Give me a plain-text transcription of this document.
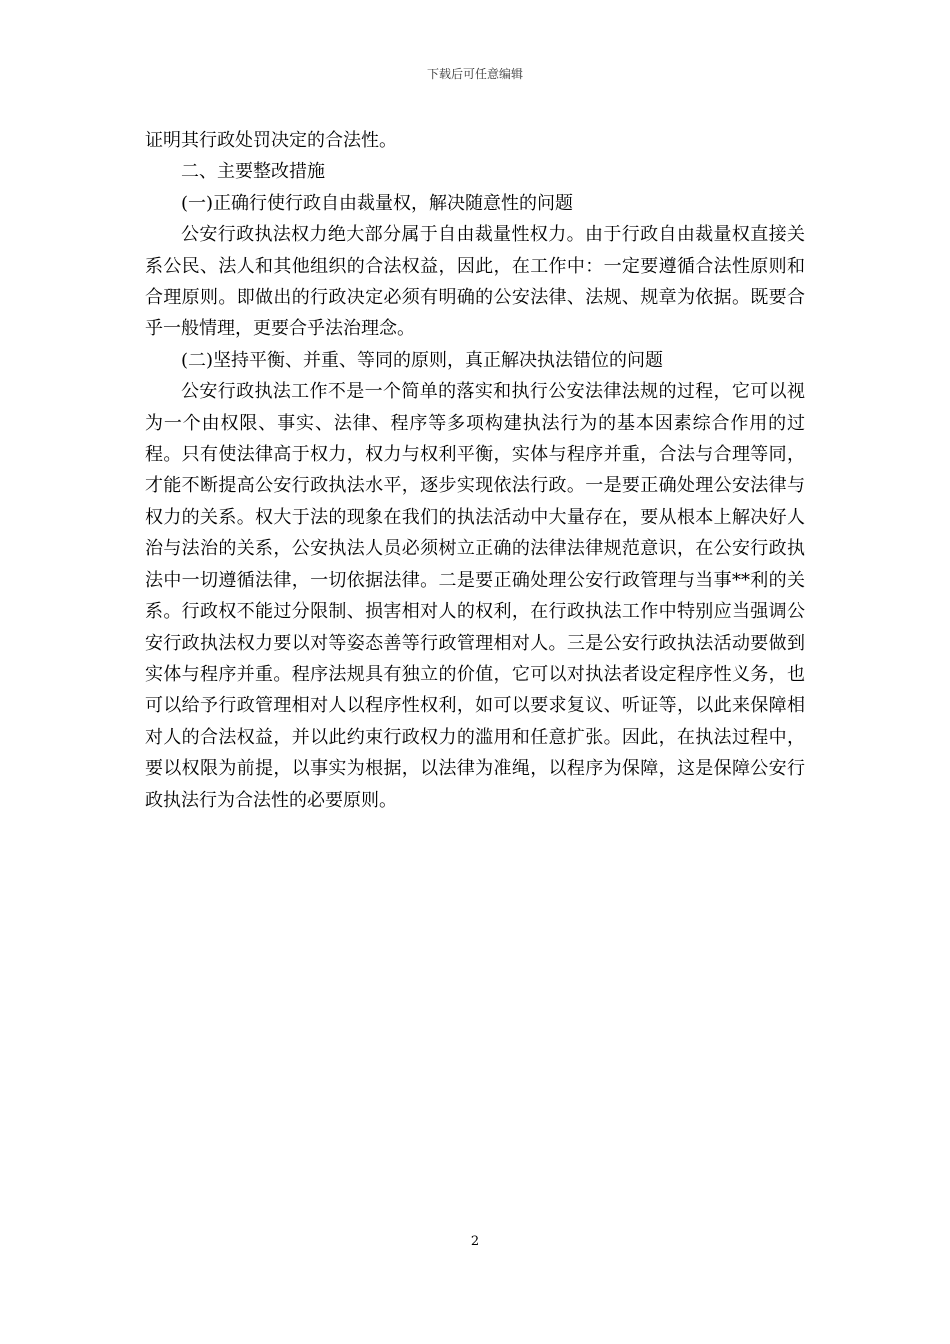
下载后可任意编辑

证明其行政处罚决定的合法性。

二、主要整改措施

(一)正确行使行政自由裁量权，解决随意性的问题

公安行政执法权力绝大部分属于自由裁量性权力。由于行政自由裁量权直接关系公民、法人和其他组织的合法权益，因此，在工作中：一定要遵循合法性原则和合理原则。即做出的行政决定必须有明确的公安法律、法规、规章为依据。既要合乎一般情理，更要合乎法治理念。

(二)坚持平衡、并重、等同的原则，真正解决执法错位的问题

公安行政执法工作不是一个简单的落实和执行公安法律法规的过程，它可以视为一个由权限、事实、法律、程序等多项构建执法行为的基本因素综合作用的过程。只有使法律高于权力，权力与权利平衡，实体与程序并重，合法与合理等同，才能不断提高公安行政执法水平，逐步实现依法行政。一是要正确处理公安法律与权力的关系。权大于法的现象在我们的执法活动中大量存在，要从根本上解决好人治与法治的关系，公安执法人员必须树立正确的法律法律规范意识，在公安行政执法中一切遵循法律，一切依据法律。二是要正确处理公安行政管理与当事**利的关系。行政权不能过分限制、损害相对人的权利，在行政执法工作中特别应当强调公安行政执法权力要以对等姿态善等行政管理相对人。三是公安行政执法活动要做到实体与程序并重。程序法规具有独立的价值，它可以对执法者设定程序性义务，也可以给予行政管理相对人以程序性权利，如可以要求复议、听证等，以此来保障相对人的合法权益，并以此约束行政权力的滥用和任意扩张。因此，在执法过程中，要以权限为前提，以事实为根据，以法律为准绳，以程序为保障，这是保障公安行政执法行为合法性的必要原则。

2
